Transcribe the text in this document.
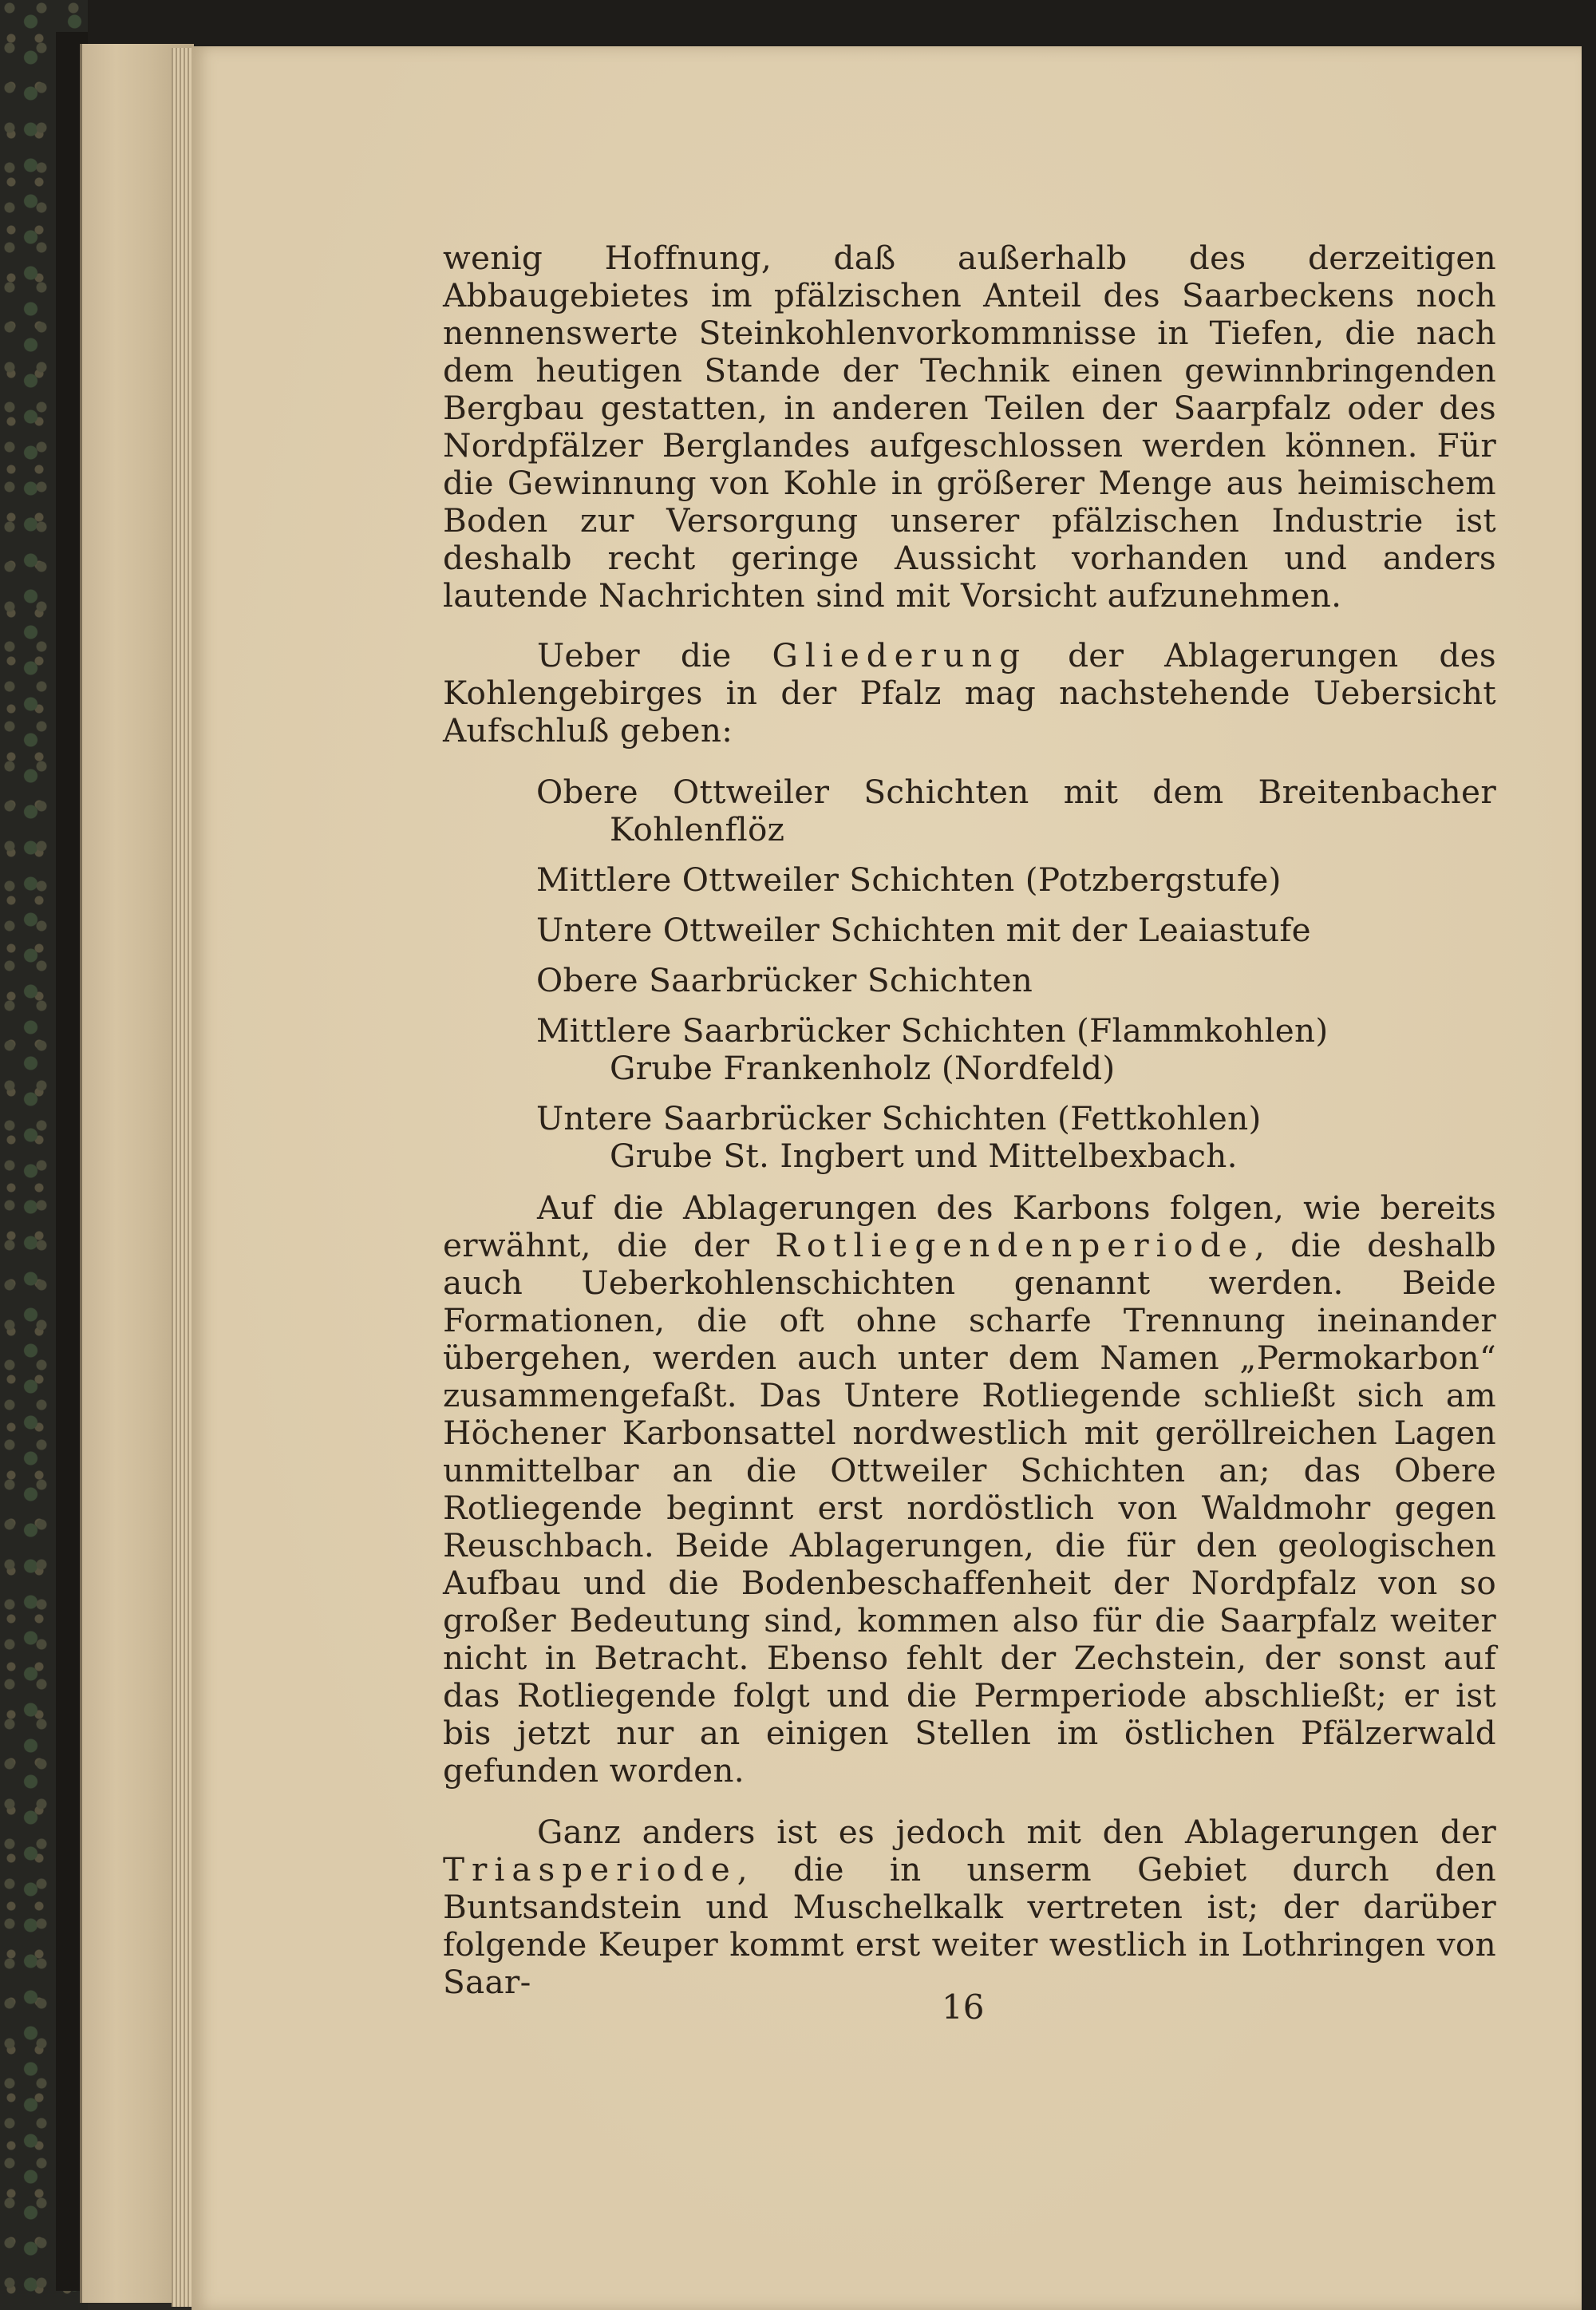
wenig Hoffnung, daß außerhalb des derzeitigen Abbaugebietes im pfälzischen Anteil des Saarbeckens noch nennenswerte Steinkohlenvorkommnisse in Tiefen, die nach dem heutigen Stande der Technik einen gewinnbringenden Bergbau gestatten, in anderen Teilen der Saarpfalz oder des Nordpfälzer Berglandes aufgeschlossen werden können. Für die Gewinnung von Kohle in größerer Menge aus heimischem Boden zur Versorgung unserer pfälzischen Industrie ist deshalb recht geringe Aussicht vorhanden und anders lautende Nachrichten sind mit Vorsicht aufzunehmen.

Ueber die Gliederung der Ablagerungen des Kohlengebirges in der Pfalz mag nachstehende Uebersicht Aufschluß geben:

Obere Ottweiler Schichten mit dem Breitenbacher
Kohlenflöz
Mittlere Ottweiler Schichten (Potzbergstufe)
Untere Ottweiler Schichten mit der Leaiastufe
Obere Saarbrücker Schichten
Mittlere Saarbrücker Schichten (Flammkohlen)
Grube Frankenholz (Nordfeld)
Untere Saarbrücker Schichten (Fettkohlen)
Grube St. Ingbert und Mittelbexbach.

Auf die Ablagerungen des Karbons folgen, wie bereits erwähnt, die der Rotliegendenperiode, die deshalb auch Ueberkohlenschichten genannt werden. Beide Formationen, die oft ohne scharfe Trennung ineinander übergehen, werden auch unter dem Namen „Permokarbon“ zusammengefaßt. Das Untere Rotliegende schließt sich am Höchener Karbonsattel nordwestlich mit geröllreichen Lagen unmittelbar an die Ottweiler Schichten an; das Obere Rotliegende beginnt erst nordöstlich von Waldmohr gegen Reuschbach. Beide Ablagerungen, die für den geologischen Aufbau und die Bodenbeschaffenheit der Nordpfalz von so großer Bedeutung sind, kommen also für die Saarpfalz weiter nicht in Betracht. Ebenso fehlt der Zechstein, der sonst auf das Rotliegende folgt und die Permperiode abschließt; er ist bis jetzt nur an einigen Stellen im östlichen Pfälzerwald gefunden worden.

Ganz anders ist es jedoch mit den Ablagerungen der Triasperiode, die in unserm Gebiet durch den Buntsandstein und Muschelkalk vertreten ist; der darüber folgende Keuper kommt erst weiter westlich in Lothringen von Saar-

16
